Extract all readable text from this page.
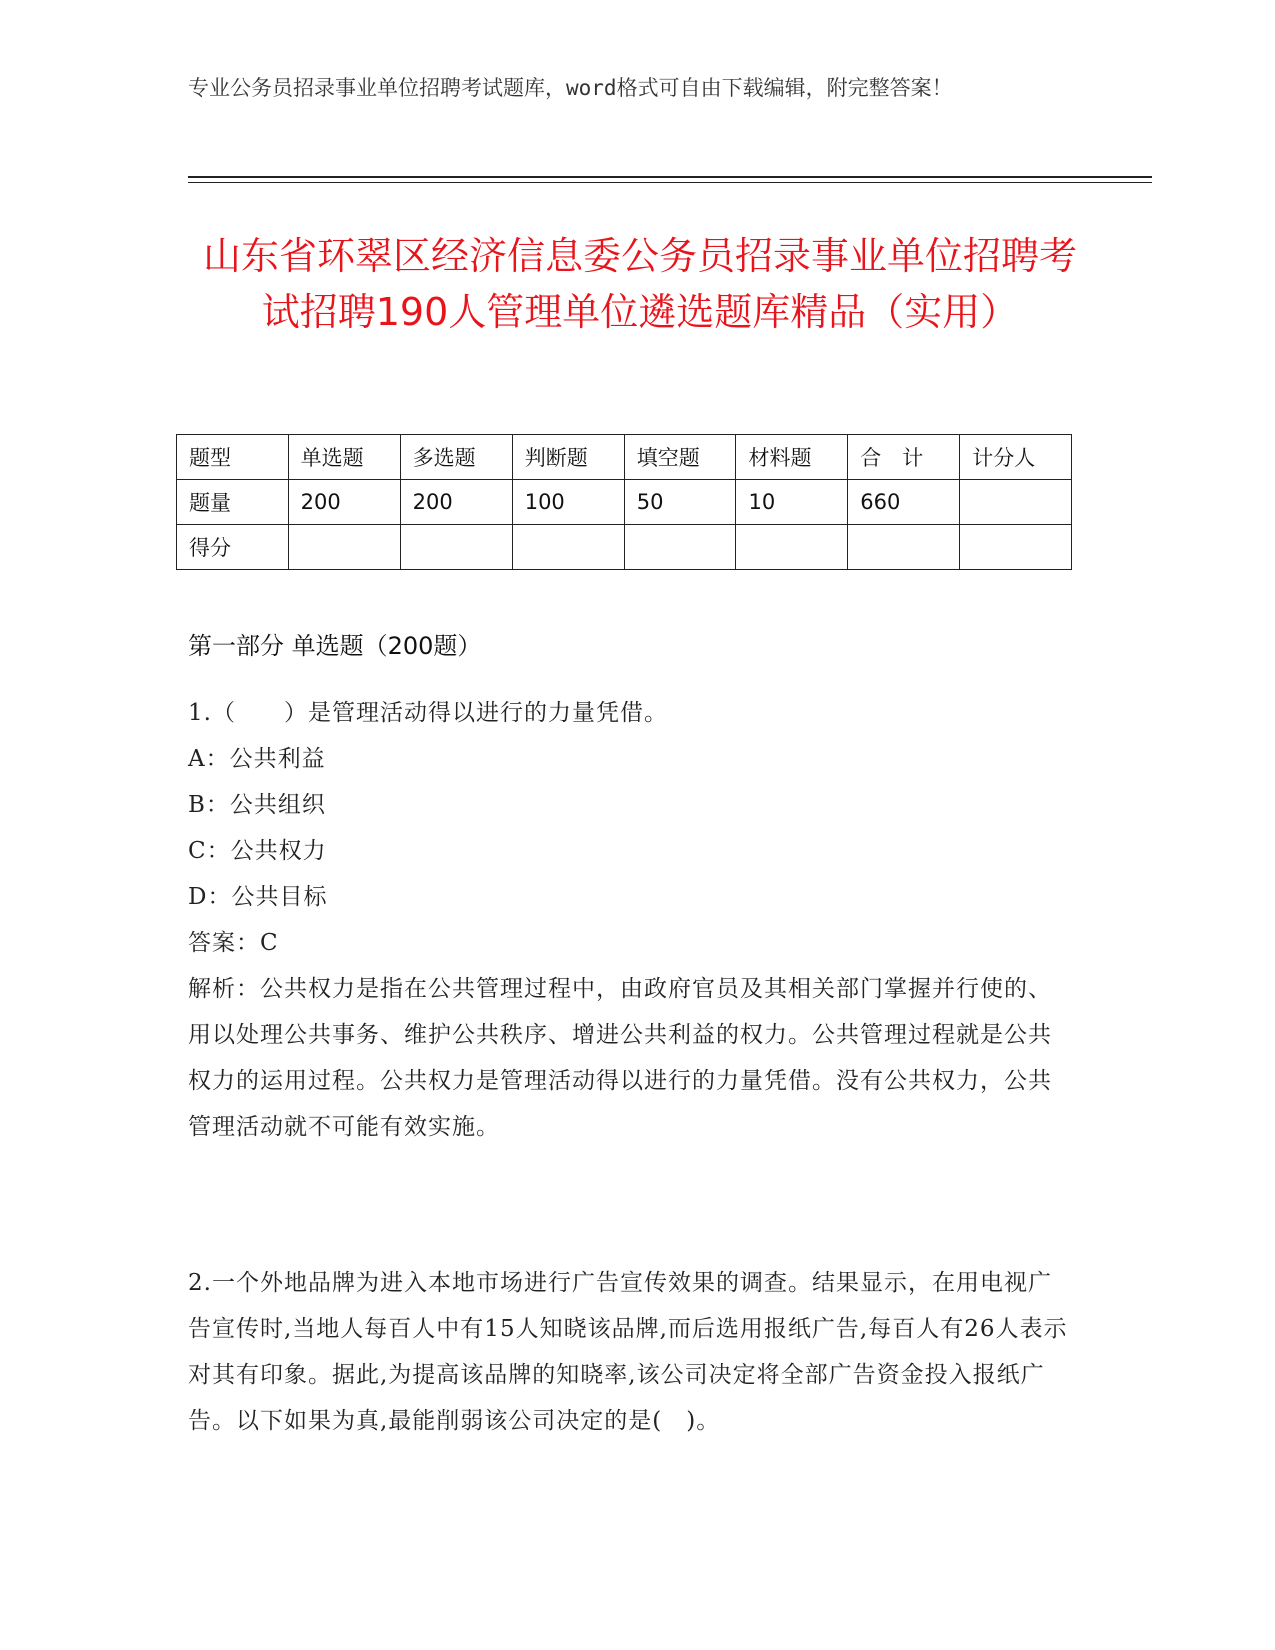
专业公务员招录事业单位招聘考试题库，word格式可自由下载编辑，附完整答案！
山东省环翠区经济信息委公务员招录事业单位招聘考试招聘190人管理单位遴选题库精品（实用）
题型	单选题	多选题	判断题	填空题	材料题	合　计	计分人
题量	200	200	100	50	10	660	
得分							
第一部分 单选题（200题）

1.（　　）是管理活动得以进行的力量凭借。

A：公共利益

B：公共组织

C：公共权力

D：公共目标

答案：C

解析：公共权力是指在公共管理过程中，由政府官员及其相关部门掌握并行使的、用以处理公共事务、维护公共秩序、增进公共利益的权力。公共管理过程就是公共权力的运用过程。公共权力是管理活动得以进行的力量凭借。没有公共权力，公共管理活动就不可能有效实施。

2.一个外地品牌为进入本地市场进行广告宣传效果的调查。结果显示，在用电视广告宣传时,当地人每百人中有15人知晓该品牌,而后选用报纸广告,每百人有26人表示对其有印象。据此,为提高该品牌的知晓率,该公司决定将全部广告资金投入报纸广告。以下如果为真,最能削弱该公司决定的是(　)。
